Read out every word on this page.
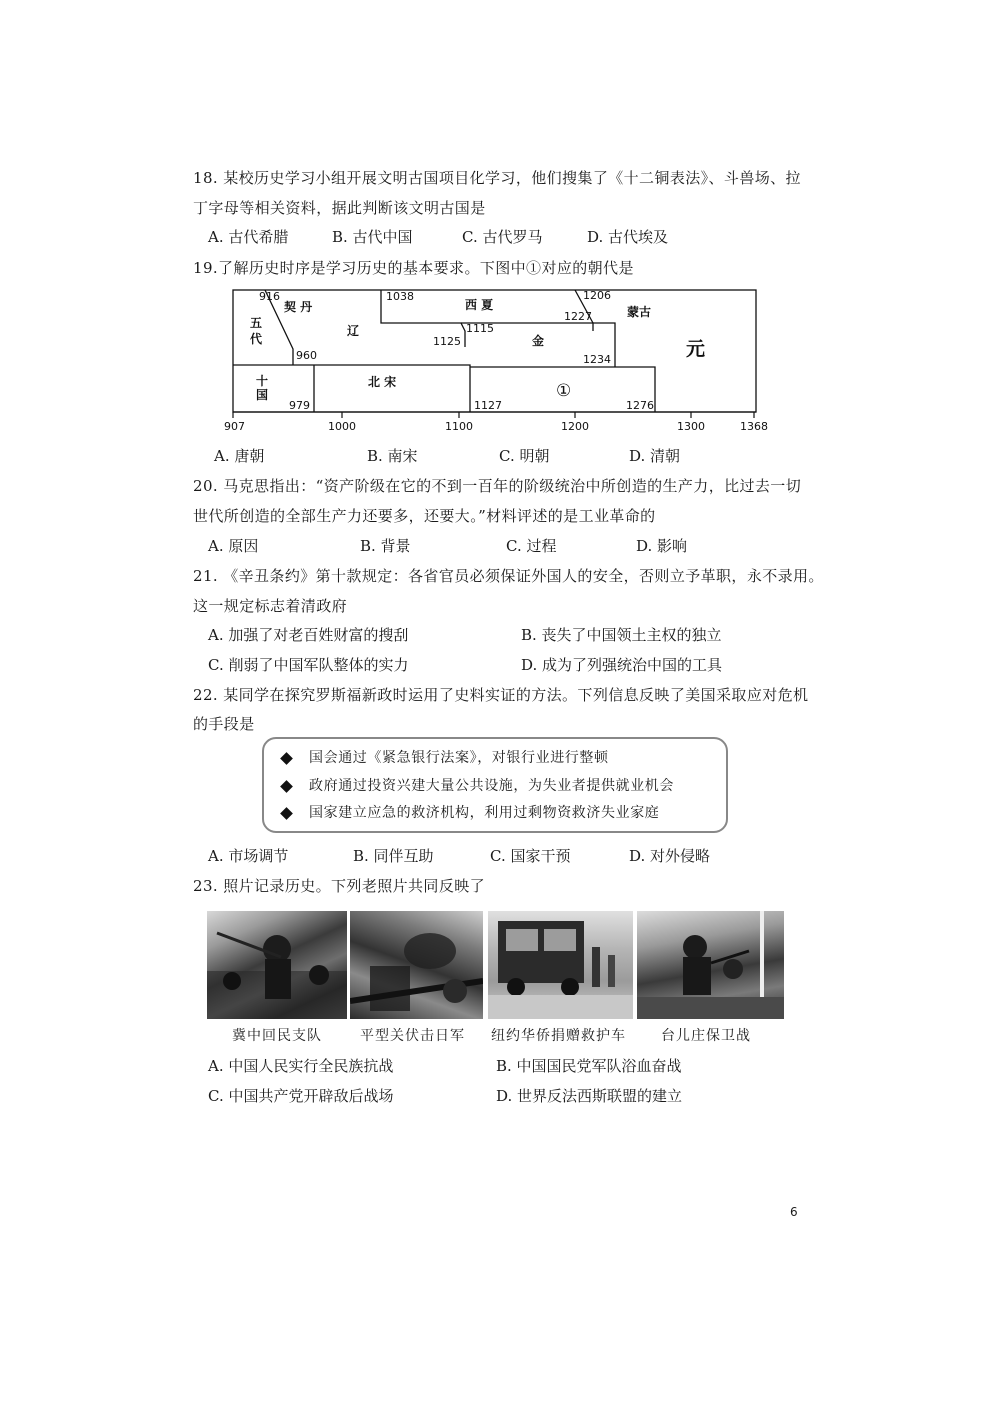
18. 某校历史学习小组开展文明古国项目化学习，他们搜集了《十二铜表法》、斗兽场、拉
丁字母等相关资料，据此判断该文明古国是
A. 古代希腊	B. 古代中国	C. 古代罗马	D. 古代埃及
19.了解历史时序是学习历史的基本要求。下图中①对应的朝代是
契 丹
五
代
辽
西 夏
金
蒙古
元
十
国
北 宋	①
916	1038	1206
1227
1115
1125
960	1234
979	1127	1276
907	1000	1100	1200	1300	1368
A. 唐朝	B. 南宋	C. 明朝	D. 清朝
20. 马克思指出：“资产阶级在它的不到一百年的阶级统治中所创造的生产力，比过去一切
世代所创造的全部生产力还要多，还要大。”材料评述的是工业革命的
A. 原因	B. 背景	C. 过程	D. 影响
21. 《辛丑条约》第十款规定：各省官员必须保证外国人的安全，否则立予革职，永不录用。
这一规定标志着清政府
A. 加强了对老百姓财富的搜刮	B. 丧失了中国领土主权的独立
C. 削弱了中国军队整体的实力	D. 成为了列强统治中国的工具
22. 某同学在探究罗斯福新政时运用了史料实证的方法。下列信息反映了美国采取应对危机
的手段是
国会通过《紧急银行法案》，对银行业进行整顿
政府通过投资兴建大量公共设施，为失业者提供就业机会
国家建立应急的救济机构，利用过剩物资救济失业家庭
A. 市场调节	B. 同伴互助	C. 国家干预	D. 对外侵略
23. 照片记录历史。下列老照片共同反映了
冀中回民支队	平型关伏击日军 纽约华侨捐赠救护车	台儿庄保卫战
A. 中国人民实行全民族抗战	B. 中国国民党军队浴血奋战
C. 中国共产党开辟敌后战场	D. 世界反法西斯联盟的建立
6
